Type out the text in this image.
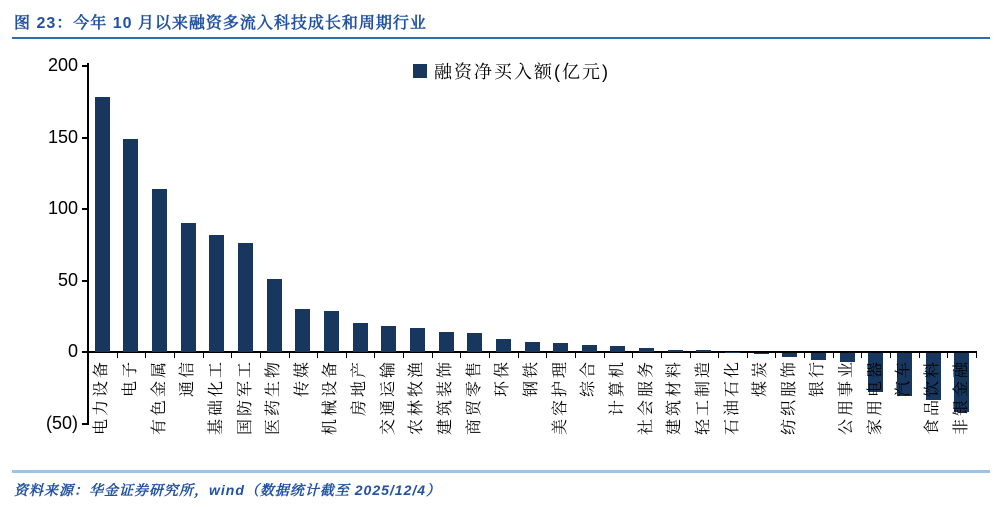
图 23：今年 10 月以来融资多流入科技成长和周期行业
融资净买入额(亿元)
200
150
100
50
0
(50) 电力设备 电子 有色金属 通信 基础化工 国防军工 医药生物 传媒 机械设备 房地产 交通运输 农林牧渔 建筑装饰 商贸零售 环保 钢铁 美容护理 综合 计算机 社会服务 建筑材料 轻工制造 石油石化 煤炭 纺织服饰 银行 公用事业 家用电器 汽车 食品饮料 非银金融
资料来源：华金证券研究所，wind（数据统计截至 2025/12/4）
